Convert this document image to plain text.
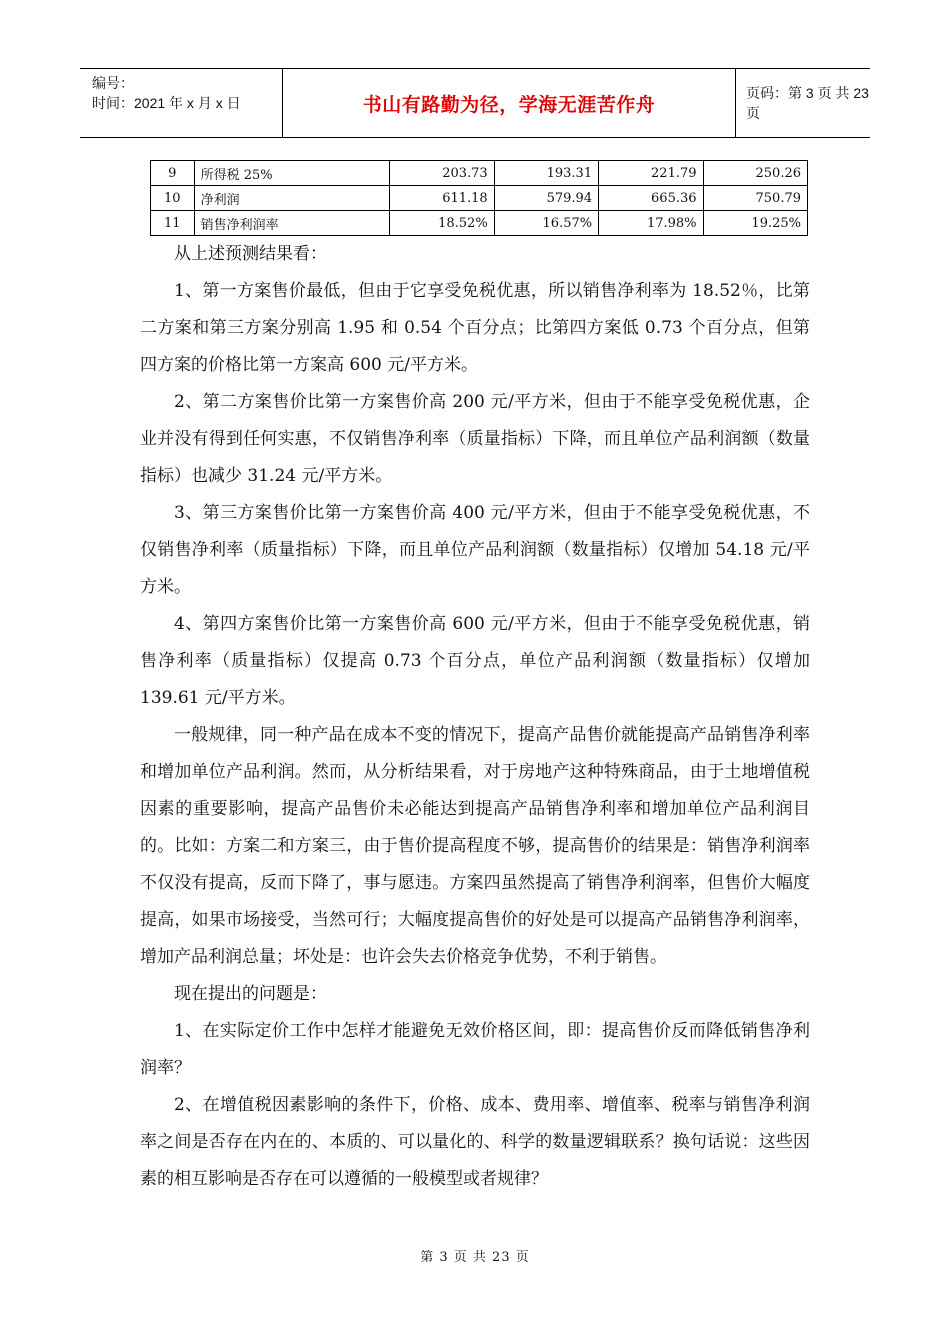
编号：
时间：2021 年 x 月 x 日	书山有路勤为径，学海无涯苦作舟
页码：第 3 页 共 23 页
9	所得税 25%	203.73	193.31	221.79	250.26
10	净利润	611.18	579.94	665.36	750.79
11	销售净利润率	18.52%	16.57%	17.98%	19.25%

从上述预测结果看：

1、第一方案售价最低，但由于它享受免税优惠，所以销售净利率为 18.52％，比第二方案和第三方案分别高 1.95 和 0.54 个百分点；比第四方案低 0.73 个百分点，但第四方案的价格比第一方案高 600 元/平方米。

2、第二方案售价比第一方案售价高 200 元/平方米，但由于不能享受免税优惠，企业并没有得到任何实惠，不仅销售净利率（质量指标）下降，而且单位产品利润额（数量指标）也减少 31.24 元/平方米。

3、第三方案售价比第一方案售价高 400 元/平方米，但由于不能享受免税优惠，不仅销售净利率（质量指标）下降，而且单位产品利润额（数量指标）仅增加 54.18 元/平方米。

4、第四方案售价比第一方案售价高 600 元/平方米，但由于不能享受免税优惠，销售净利率（质量指标）仅提高 0.73 个百分点，单位产品利润额（数量指标）仅增加 139.61 元/平方米。

一般规律，同一种产品在成本不变的情况下，提高产品售价就能提高产品销售净利率和增加单位产品利润。然而，从分析结果看，对于房地产这种特殊商品，由于土地增值税因素的重要影响，提高产品售价未必能达到提高产品销售净利率和增加单位产品利润目的。比如：方案二和方案三，由于售价提高程度不够，提高售价的结果是：销售净利润率不仅没有提高，反而下降了，事与愿违。方案四虽然提高了销售净利润率，但售价大幅度提高，如果市场接受，当然可行；大幅度提高售价的好处是可以提高产品销售净利润率，增加产品利润总量；坏处是：也许会失去价格竞争优势，不利于销售。

现在提出的问题是：

1、在实际定价工作中怎样才能避免无效价格区间，即：提高售价反而降低销售净利润率？

2、在增值税因素影响的条件下，价格、成本、费用率、增值率、税率与销售净利润率之间是否存在内在的、本质的、可以量化的、科学的数量逻辑联系？换句话说：这些因素的相互影响是否存在可以遵循的一般模型或者规律？

第 3 页 共 23 页
